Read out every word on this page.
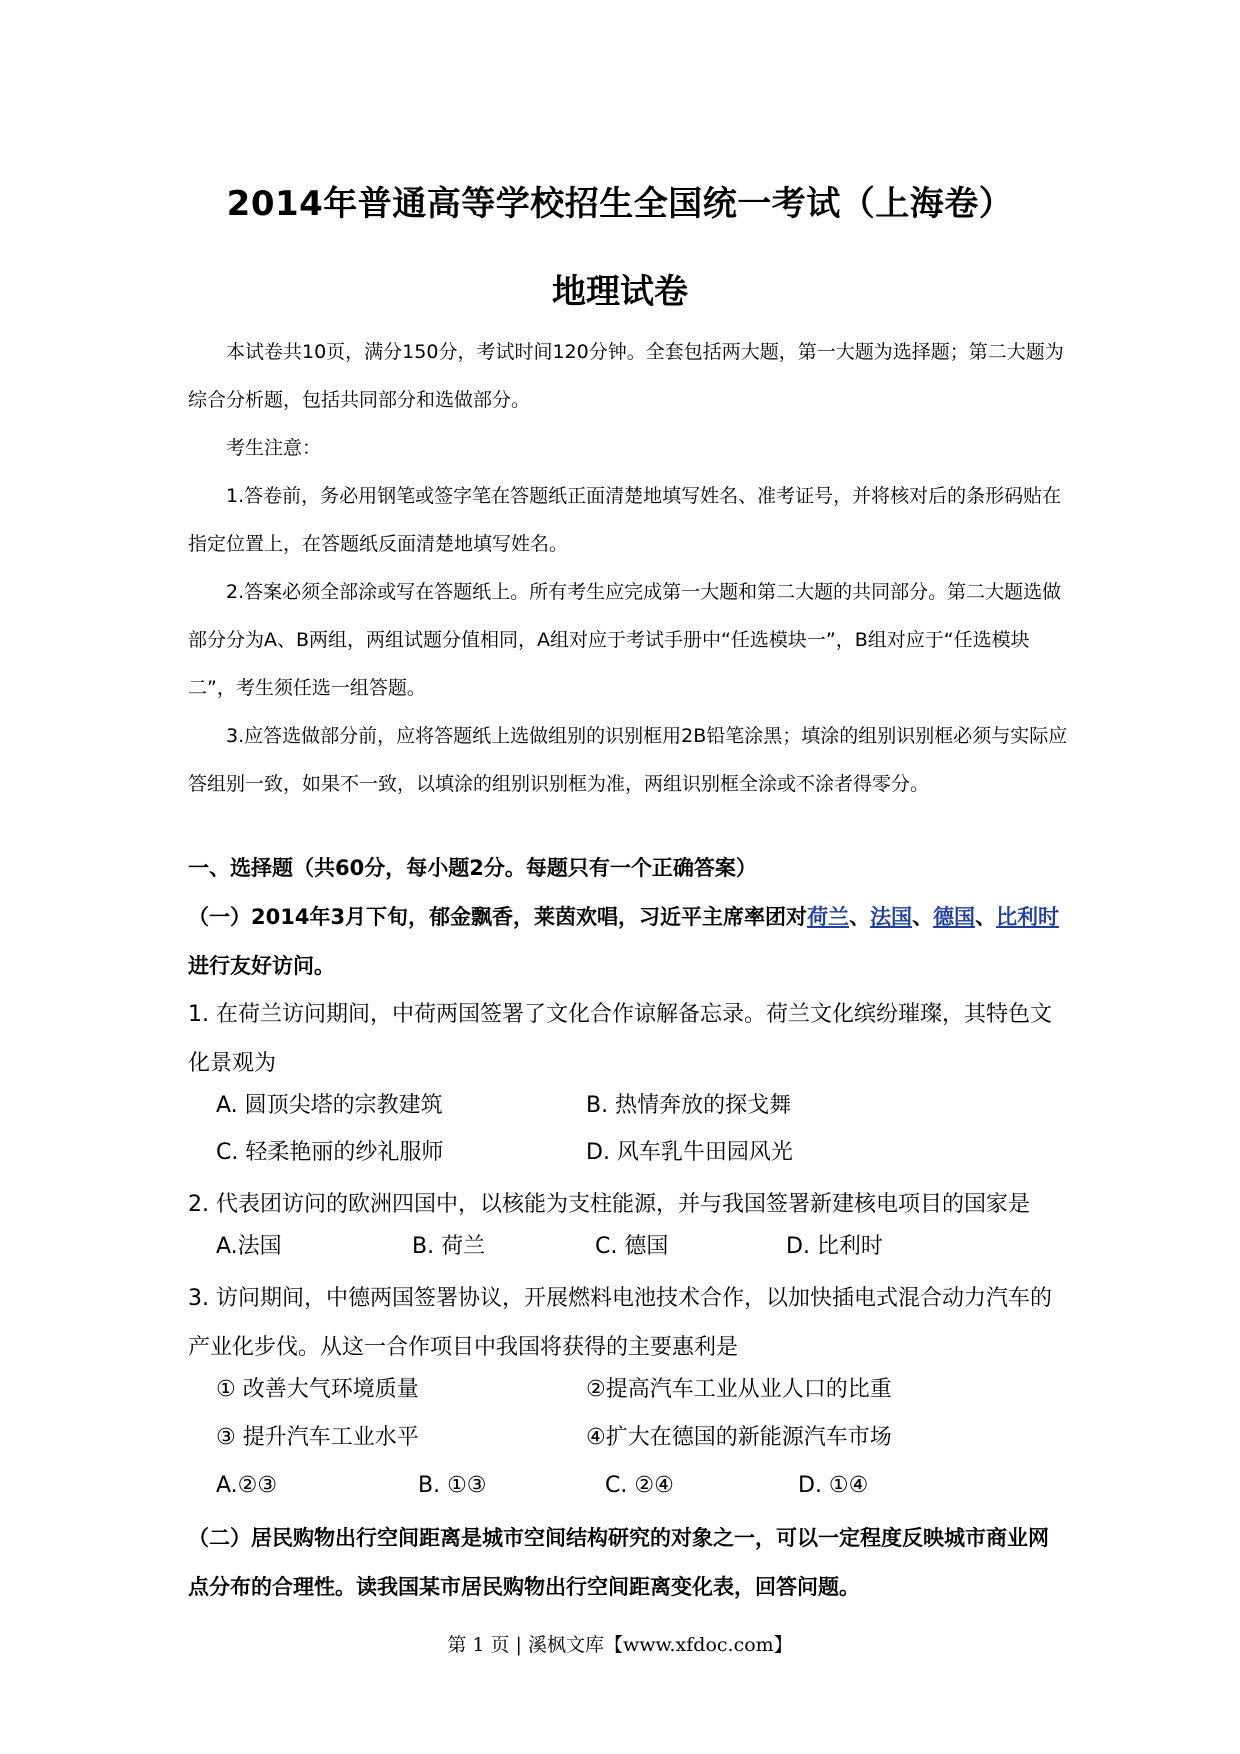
2014年普通高等学校招生全国统一考试（上海卷）
地理试卷

本试卷共10页，满分150分，考试时间120分钟。全套包括两大题，第一大题为选择题；第二大题为综合分析题，包括共同部分和选做部分。

考生注意：

1.答卷前，务必用钢笔或签字笔在答题纸正面清楚地填写姓名、准考证号，并将核对后的条形码贴在指定位置上，在答题纸反面清楚地填写姓名。

2.答案必须全部涂或写在答题纸上。所有考生应完成第一大题和第二大题的共同部分。第二大题选做部分分为A、B两组，两组试题分值相同，A组对应于考试手册中“任选模块一”，B组对应于“任选模块二”，考生须任选一组答题。

3.应答选做部分前，应将答题纸上选做组别的识别框用2B铅笔涂黑；填涂的组别识别框必须与实际应答组别一致，如果不一致，以填涂的组别识别框为准，两组识别框全涂或不涂者得零分。

一、选择题（共60分，每小题2分。每题只有一个正确答案）
（一）2014年3月下旬，郁金飘香，莱茵欢唱，习近平主席率团对荷兰、法国、德国、比利时进行友好访问。

1. 在荷兰访问期间，中荷两国签署了文化合作谅解备忘录。荷兰文化缤纷璀璨，其特色文化景观为

A. 圆顶尖塔的宗教建筑	B. 热情奔放的探戈舞
C. 轻柔艳丽的纱礼服师	D. 风车乳牛田园风光

2. 代表团访问的欧洲四国中，以核能为支柱能源，并与我国签署新建核电项目的国家是

A.法国	B. 荷兰	C. 德国	D. 比利时

3. 访问期间，中德两国签署协议，开展燃料电池技术合作，以加快插电式混合动力汽车的产业化步伐。从这一合作项目中我国将获得的主要惠利是

① 改善大气环境质量	②提高汽车工业从业人口的比重
③ 提升汽车工业水平	④扩大在德国的新能源汽车市场
A.②③	B. ①③	C. ②④	D. ①④
（二）居民购物出行空间距离是城市空间结构研究的对象之一，可以一定程度反映城市商业网点分布的合理性。读我国某市居民购物出行空间距离变化表，回答问题。
第 1 页 | 溪枫文库【www.xfdoc.com】
